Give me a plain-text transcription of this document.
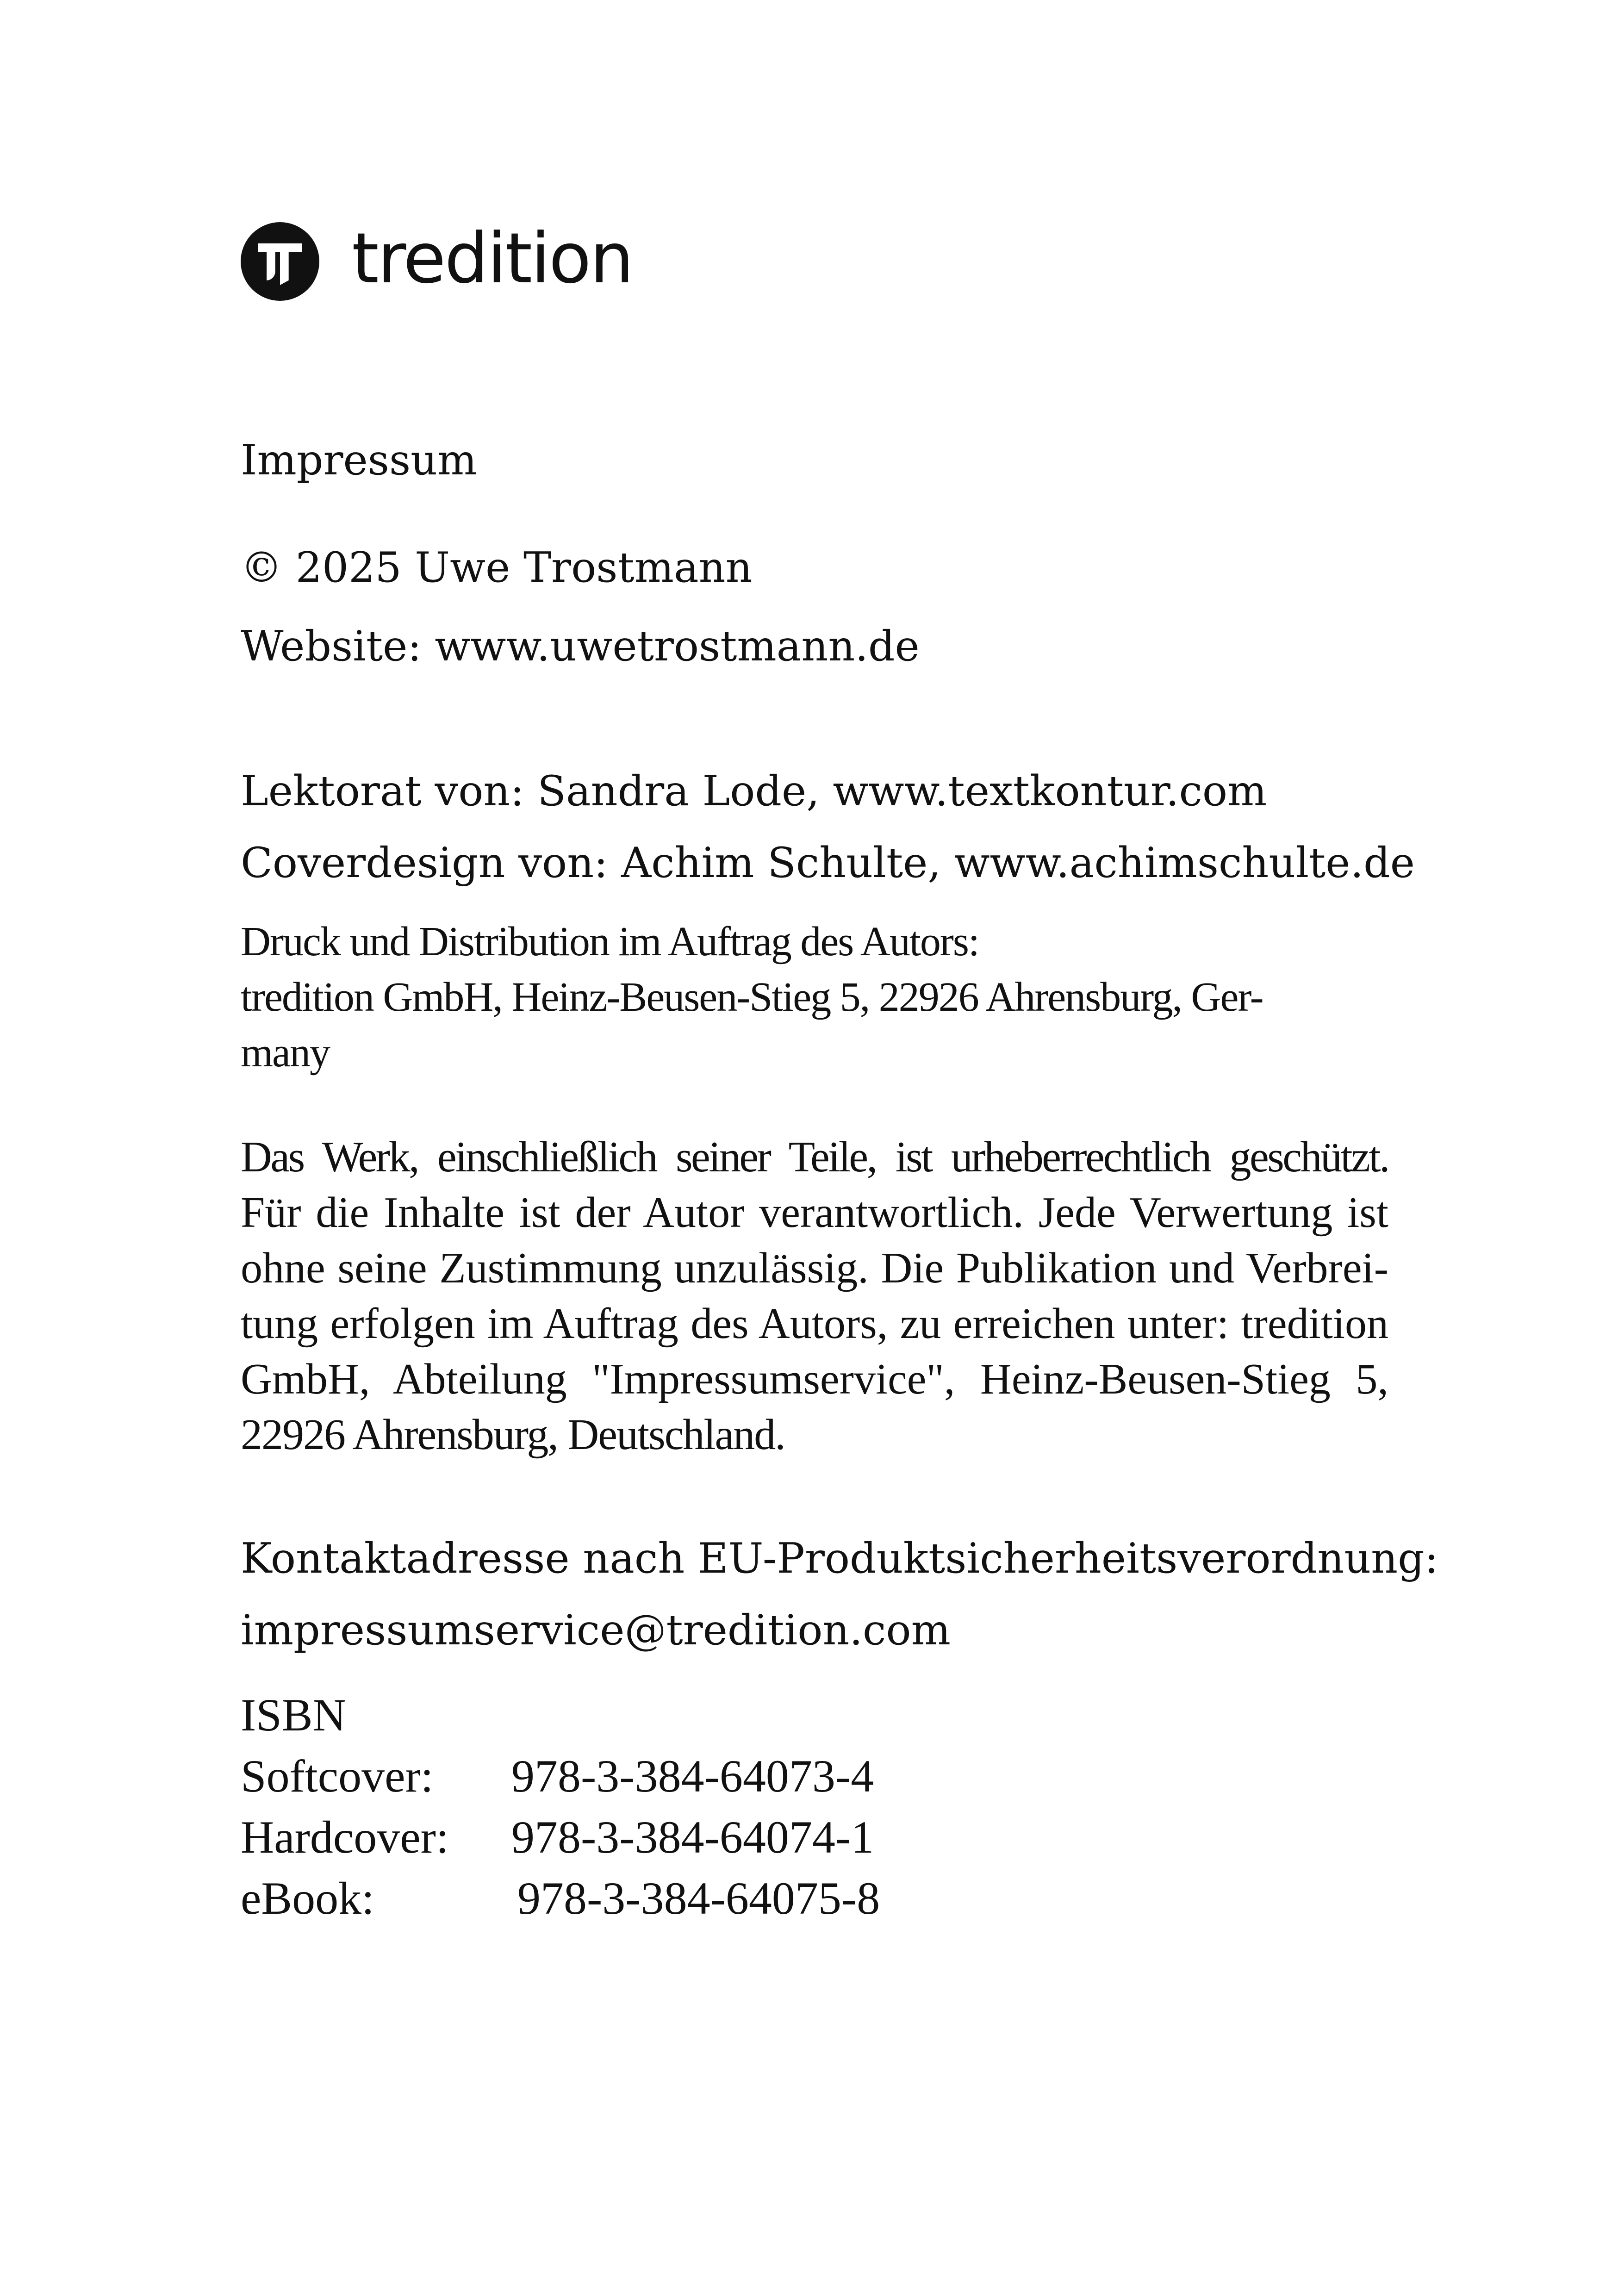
tredition

Impressum

© 2025 Uwe Trostmann

Website: www.uwetrostmann.de

Lektorat von: Sandra Lode, www.textkontur.com

Coverdesign von: Achim Schulte, www.achimschulte.de

Druck und Distribution im Auftrag des Autors:
tredition GmbH, Heinz-Beusen-Stieg 5, 22926 Ahrensburg, Ger-
many
Das Werk, einschließlich seiner Teile, ist urheberrechtlich geschützt.
Für die Inhalte ist der Autor verantwortlich. Jede Verwertung ist
ohne seine Zustimmung unzulässig. Die Publikation und Verbrei-
tung erfolgen im Auftrag des Autors, zu erreichen unter: tredition
GmbH, Abteilung "Impressumservice", Heinz-Beusen-Stieg 5,
22926 Ahrensburg, Deutschland.
Kontaktadresse nach EU-Produktsicherheitsverordnung:
impressumservice@tredition.com
ISBN
Softcover:	978-3-384-64073-4
Hardcover:	978-3-384-64074-1
eBook:	978-3-384-64075-8
